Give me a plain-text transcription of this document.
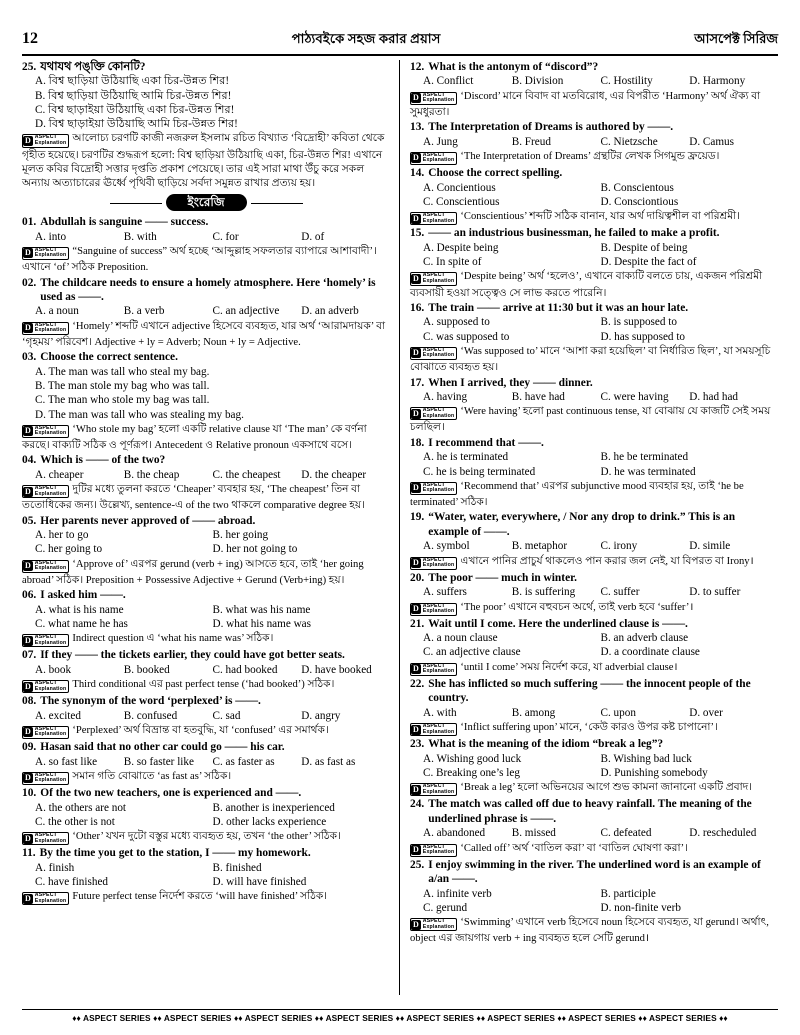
12	পাঠ্যবইকে সহজ করার প্রয়াস	আসপেক্ট সিরিজ
25. যথাযথ পঙ্‌ক্তি কোনটি?
A. বিশ্ব ছাড়িয়া উঠিয়াছি একা চির-উন্নত শির!
B. বিশ্ব ছাড়িয়া উঠিয়াছি আমি চির-উন্নত শির!
C. বিশ্ব ছাড়াইয়া উঠিয়াছি একা চির-উন্নত শির!
D. বিশ্ব ছাড়াইয়া উঠিয়াছি আমি চির-উন্নত শির!
D ASPECT
Explanation আলোচ্য চরণটি কাজী নজরুল ইসলাম রচিত বিখ্যাত ‘বিদ্রোহী’ কবিতা থেকে গৃহীত হয়েছে। চরণটির শুদ্ধরূপ হলো: বিশ্ব ছাড়িয়া উঠিয়াছি একা, চির-উন্নত শির! এখানে মূলত কবির বিদ্রোহী সত্তার দৃপ্ততি প্রকাশ পেয়েছে। তার এই সারা মাথা উঁচু করে সকল অন্যায় অত্যাচারের ঊর্ধ্বে পৃথিবী ছাড়িয়ে সর্বদা সমুন্নত রাখার প্রত্যয় হয়।
ইংরেজি
01. Abdullah is sanguine —— success.
A. into	B. with	C. for	D. of
D ASPECT
Explanation “Sanguine of success” অর্থ হচ্ছে ‘আব্দুল্লাহ সফলতার ব্যাপারে আশাবাদী’। এখানে ‘of’ সঠিক Preposition.
02. The childcare needs to ensure a homely atmosphere. Here ‘homely’ is used as ——.
A. a noun	B. a verb	C. an adjective	D. an adverb
D ASPECT
Explanation ‘Homely’ শব্দটি এখানে adjective হিসেবে ব্যবহৃত, যার অর্থ ‘আরামদায়ক’ বা ‘গৃহময়’ পরিবেশ। Adjective + ly = Adverb; Noun + ly = Adjective.
03. Choose the correct sentence.
A. The man was tall who steal my bag.
B. The man stole my bag who was tall.
C. The man who stole my bag was tall.
D. The man was tall who was stealing my bag.
D ASPECT
Explanation ‘Who stole my bag’ হলো একটি relative clause যা ‘The man’ কে বর্ণনা করছে। বাক্যটি সঠিক ও পূর্ণরূপ। Antecedent ও Relative pronoun একসাথে বসে।
04. Which is —— of the two?
A. cheaper	B. the cheap	C. the cheapest	D. the cheaper
D ASPECT
Explanation দুটির মধ্যে তুলনা করতে ‘Cheaper’ ব্যবহার হয়, ‘The cheapest’ তিন বা ততোধিকের জন্য। উল্লেখ্য, sentence-এ of the two থাকলে comparative degree হয়।
05. Her parents never approved of —— abroad.
A. her to go	B. her going
C. her going to	D. her not going to
D ASPECT
Explanation ‘Approve of’ এরপর gerund (verb + ing) আসতে হবে, তাই ‘her going abroad’ সঠিক। Preposition + Possessive Adjective + Gerund (Verb+ing) হয়।
06. I asked him ——.
A. what is his name	B. what was his name
C. what name he has	D. what his name was
D ASPECT
Explanation Indirect question এ ‘what his name was’ সঠিক।
07. If they —— the tickets earlier, they could have got better seats.
A. book	B. booked	C. had booked	D. have booked
D ASPECT
Explanation Third conditional এর past perfect tense (‘had booked’) সঠিক।
08. The synonym of the word ‘perplexed’ is ——.
A. excited	B. confused	C. sad	D. angry
D ASPECT
Explanation ‘Perplexed’ অর্থ বিভ্রান্ত বা হতবুদ্ধি, যা ‘confused’ এর সমার্থক।
09. Hasan said that no other car could go —— his car.
A. so fast like	B. so faster like	C. as faster as	D. as fast as
D ASPECT
Explanation সমান গতি বোঝাতে ‘as fast as’ সঠিক।
10. Of the two new teachers, one is experienced and ——.
A. the others are not	B. another is inexperienced
C. the other is not	D. other lacks experience
D ASPECT
Explanation ‘Other’ যখন দুটো বস্তুর মধ্যে ব্যবহৃত হয়, তখন ‘the other’ সঠিক।
11. By the time you get to the station, I —— my homework.
A. finish	B. finished
C. have finished	D. will have finished
D ASPECT
Explanation Future perfect tense নির্দেশ করতে ‘will have finished’ সঠিক।
12. What is the antonym of “discord”?
A. Conflict	B. Division	C. Hostility	D. Harmony
D ASPECT
Explanation ‘Discord’ মানে বিবাদ বা মতবিরোধ, এর বিপরীত ‘Harmony’ অর্থ ঐক্য বা সুমধুরতা।
13. The Interpretation of Dreams is authored by ——.
A. Jung	B. Freud	C. Nietzsche	D. Camus
D ASPECT
Explanation ‘The Interpretation of Dreams’ গ্রন্থটির লেখক সিগমুন্ড ফ্রয়েড।
14. Choose the correct spelling.
A. Concientious	B. Conscientous
C. Conscientious	D. Consciontious
D ASPECT
Explanation ‘Conscientious’ শব্দটি সঠিক বানান, যার অর্থ দায়িত্বশীল বা পরিশ্রমী।
15. —— an industrious businessman, he failed to make a profit.
A. Despite being	B. Despite of being
C. In spite of	D. Despite the fact of
D ASPECT
Explanation ‘Despite being’ অর্থ ‘হলেও’, এখানে বাক্যটি বলতে চায়, একজন পরিশ্রমী ব্যবসায়ী হওয়া সত্ত্বেও সে লাভ করতে পারেনি।
16. The train —— arrive at 11:30 but it was an hour late.
A. supposed to	B. is supposed to
C. was supposed to	D. has supposed to
D ASPECT
Explanation ‘Was supposed to’ মানে ‘আশা করা হয়েছিল’ বা নির্ধারিত ছিল’, যা সময়সূচি বোঝাতে ব্যবহৃত হয়।
17. When I arrived, they —— dinner.
A. having	B. have had	C. were having	D. had had
D ASPECT
Explanation ‘Were having’ হলো past continuous tense, যা বোঝায় যে কাজটি সেই সময় চলছিল।
18. I recommend that ——.
A. he is terminated	B. he be terminated
C. he is being terminated	D. he was terminated
D ASPECT
Explanation ‘Recommend that’ এরপর subjunctive mood ব্যবহার হয়, তাই ‘he be terminated’ সঠিক।
19. “Water, water, everywhere, / Nor any drop to drink.” This is an example of ——.
A. symbol	B. metaphor	C. irony	D. simile
D ASPECT
Explanation এখানে পানির প্রাচুর্য থাকলেও পান করার জল নেই, যা বিপরত বা Irony।
20. The poor —— much in winter.
A. suffers	B. is suffering	C. suffer	D. to suffer
D ASPECT
Explanation ‘The poor’ এখানে বহুবচন অর্থে, তাই verb হবে ‘suffer’।
21. Wait until I come. Here the underlined clause is ——.
A. a noun clause	B. an adverb clause
C. an adjective clause	D. a coordinate clause
D ASPECT
Explanation ‘until I come’ সময় নির্দেশ করে, যা adverbial clause।
22. She has inflicted so much suffering —— the innocent people of the country.
A. with	B. among	C. upon	D. over
D ASPECT
Explanation ‘Inflict suffering upon’ মানে, ‘কেউ কারও উপর কষ্ট চাপানো’।
23. What is the meaning of the idiom “break a leg”?
A. Wishing good luck	B. Wishing bad luck
C. Breaking one’s leg	D. Punishing somebody
D ASPECT
Explanation ‘Break a leg’ হলো অভিনয়ের আগে শুভ কামনা জানানো একটি প্রবাদ।
24. The match was called off due to heavy rainfall. The meaning of the underlined phrase is ——.
A. abandoned	B. missed	C. defeated	D. rescheduled
D ASPECT
Explanation ‘Called off’ অর্থ ‘বাতিল করা’ বা ‘বাতিল ঘোষণা করা’।
25. I enjoy swimming in the river. The underlined word is an example of a/an ——.
A. infinite verb	B. participle
C. gerund	D. non-finite verb
D ASPECT
Explanation ‘Swimming’ এখানে verb হিসেবে noun হিসেবে ব্যবহৃত, যা gerund। অর্থাৎ, object এর জায়গায় verb + ing ব্যবহৃত হলে সেটি gerund।
♦♦ ASPECT SERIES ♦♦ ASPECT SERIES ♦♦ ASPECT SERIES ♦♦ ASPECT SERIES ♦♦ ASPECT SERIES ♦♦ ASPECT SERIES ♦♦ ASPECT SERIES ♦♦ ASPECT SERIES ♦♦
